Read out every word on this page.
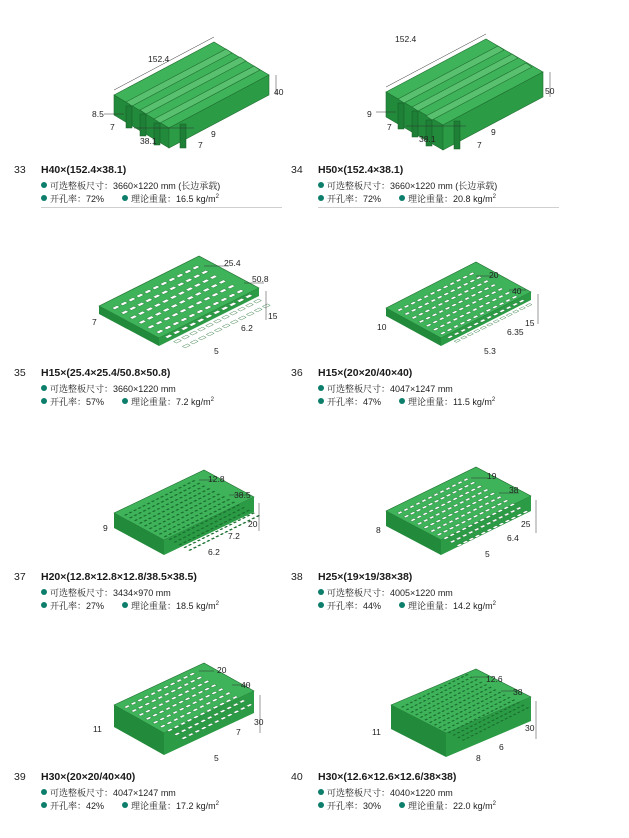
152.4
40
8.5
7
38.1
9
7
33 H40×(152.4×38.1)
可选整板尺寸：3660×1220 mm (长边承载)
开孔率：72%	理论重量：16.5 $kg/m^2$
152.4
50
9
7
38.1
9
7
34 H50×(152.4×38.1)
可选整板尺寸：3660×1220 mm (长边承载)
开孔率：72%	理论重量：20.8 $kg/m^2$
25.4
50.8
15
7
6.2
5
35 H15×(25.4×25.4/50.8×50.8)
可选整板尺寸：3660×1220 mm
开孔率：57%	理论重量：7.2 $kg/m^2$
20
40
15
10	6.35
5.3
36 H15×(20×20/40×40)
可选整板尺寸：4047×1247 mm
开孔率：47%	理论重量：11.5 $kg/m^2$
12.8
38.5
20
9
7.2
6.2
37 H20×(12.8×12.8×12.8/38.5×38.5)
可选整板尺寸：3434×970 mm
开孔率：27%	理论重量：18.5 $kg/m^2$
19
38
25
8
6.4
5
38 H25×(19×19/38×38)
可选整板尺寸：4005×1220 mm
开孔率：44%	理论重量：14.2 $kg/m^2$
20
40
30
11	7
5
39 H30×(20×20/40×40)
可选整板尺寸：4047×1247 mm
开孔率：42%	理论重量：17.2 $kg/m^2$
12.6
38
30
11
8
6
40 H30×(12.6×12.6×12.6/38×38)
可选整板尺寸：4040×1220 mm
开孔率：30%	理论重量：22.0 $kg/m^2$
